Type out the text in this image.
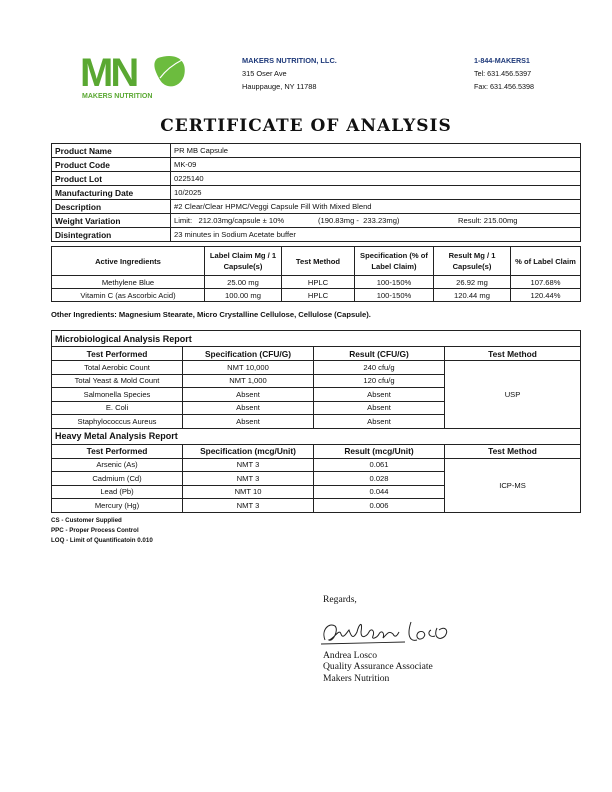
MN
MAKERS NUTRITION
MAKERS NUTRITION, LLC.
315 Oser Ave
Hauppauge, NY 11788
1-844-MAKERS1
Tel: 631.456.5397
Fax: 631.456.5398
CERTIFICATE OF ANALYSIS
Product Name	PR MB Capsule
Product Code	MK-09
Product Lot	0225140
Manufacturing Date	10/2025
Description	#2 Clear/Clear HPMC/Veggi Capsule Fill With Mixed Blend
Weight Variation	Limit:   212.03mg/capsule ± 10% (190.83mg -  233.23mg) Result: 215.00mg
Disintegration	23 minutes in Sodium Acetate buffer
Active Ingredients	Label Claim Mg / 1 Capsule(s)	Test Method	Specification (% of Label Claim)	Result Mg / 1 Capsule(s)	% of Label Claim
Methylene Blue	25.00 mg	HPLC	100-150%	26.92 mg	107.68%
Vitamin C (as Ascorbic Acid)	100.00 mg	HPLC	100-150%	120.44 mg	120.44%
Other Ingredients: Magnesium Stearate, Micro Crystalline Cellulose, Cellulose (Capsule).
Microbiological Analysis Report			
Test Performed	Specification (CFU/G)	Result (CFU/G)	Test Method
Total Aerobic Count	NMT 10,000	240 cfu/g	USP
Total Yeast & Mold Count	NMT 1,000	120 cfu/g	
Salmonella Species	Absent	Absent	
E. Coli	Absent	Absent	
Staphylococcus Aureus	Absent	Absent	
Heavy Metal Analysis Report			
Test Performed	Specification (mcg/Unit)	Result (mcg/Unit)	Test Method
Arsenic (As)	NMT 3	0.061	ICP-MS
Cadmium (Cd)	NMT 3	0.028	
Lead (Pb)	NMT 10	0.044	
Mercury (Hg)	NMT 3	0.006	
CS - Customer Supplied
PPC - Proper Process Control
LOQ - Limit of Quantificatoin 0.010
Regards,
Andrea Losco
Quality Assurance Associate
Makers Nutrition
